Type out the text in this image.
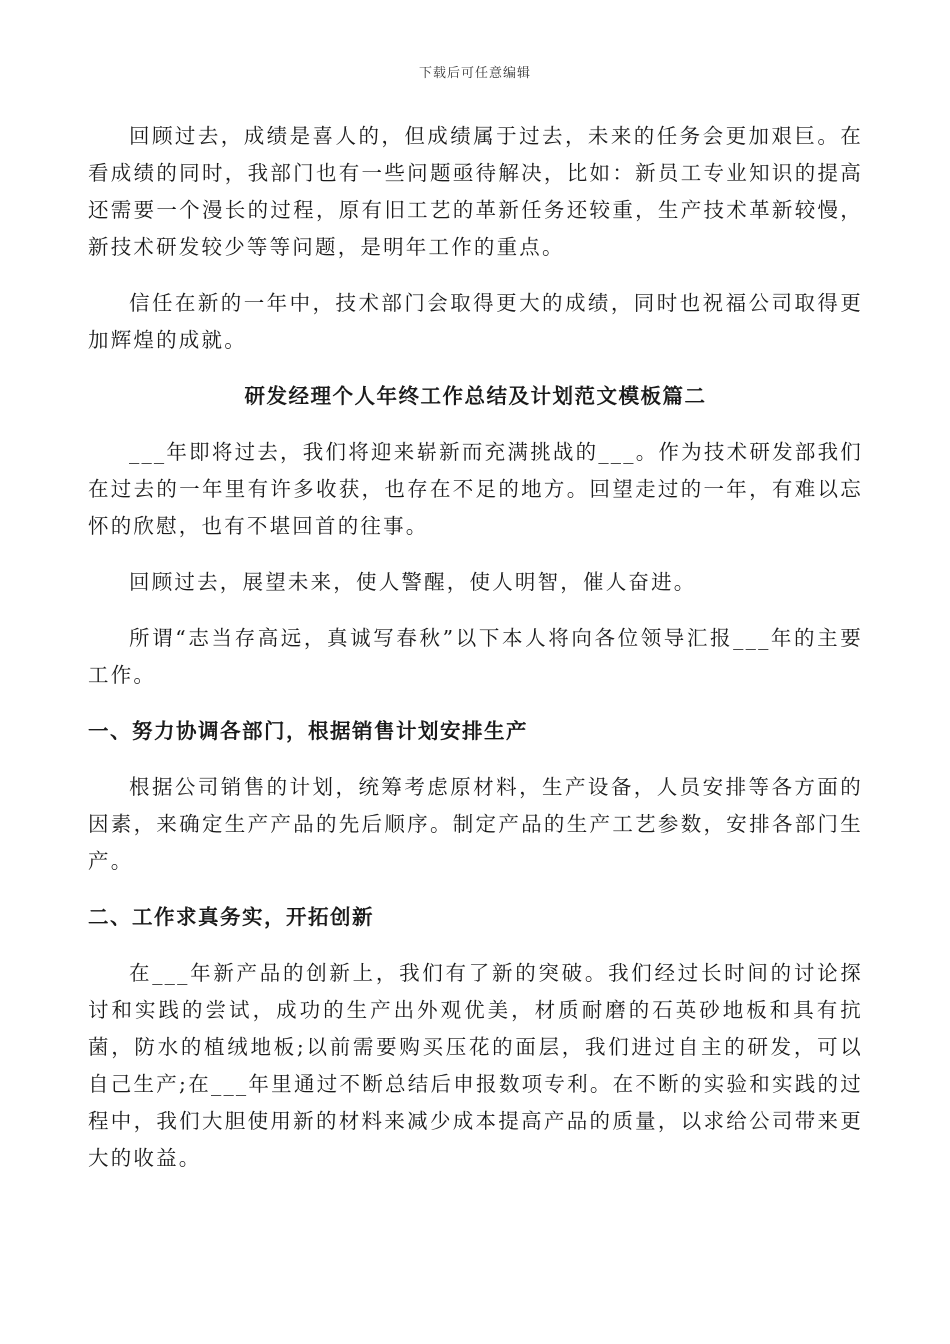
下载后可任意编辑

回顾过去，成绩是喜人的，但成绩属于过去，未来的任务会更加艰巨。在看成绩的同时，我部门也有一些问题亟待解决，比如：新员工专业知识的提高还需要一个漫长的过程，原有旧工艺的革新任务还较重，生产技术革新较慢，新技术研发较少等等问题，是明年工作的重点。

信任在新的一年中，技术部门会取得更大的成绩，同时也祝福公司取得更加辉煌的成就。

研发经理个人年终工作总结及计划范文模板篇二

___年即将过去，我们将迎来崭新而充满挑战的___。作为技术研发部我们在过去的一年里有许多收获，也存在不足的地方。回望走过的一年，有难以忘怀的欣慰，也有不堪回首的往事。

回顾过去，展望未来，使人警醒，使人明智，催人奋进。

所谓“志当存高远，真诚写春秋”以下本人将向各位领导汇报___年的主要工作。

一、努力协调各部门，根据销售计划安排生产

根据公司销售的计划，统筹考虑原材料，生产设备，人员安排等各方面的因素，来确定生产产品的先后顺序。制定产品的生产工艺参数，安排各部门生产。

二、工作求真务实，开拓创新

在___年新产品的创新上，我们有了新的突破。我们经过长时间的讨论探讨和实践的尝试，成功的生产出外观优美，材质耐磨的石英砂地板和具有抗菌，防水的植绒地板;以前需要购买压花的面层，我们进过自主的研发，可以自己生产;在___年里通过不断总结后申报数项专利。在不断的实验和实践的过程中，我们大胆使用新的材料来减少成本提高产品的质量，以求给公司带来更大的收益。
